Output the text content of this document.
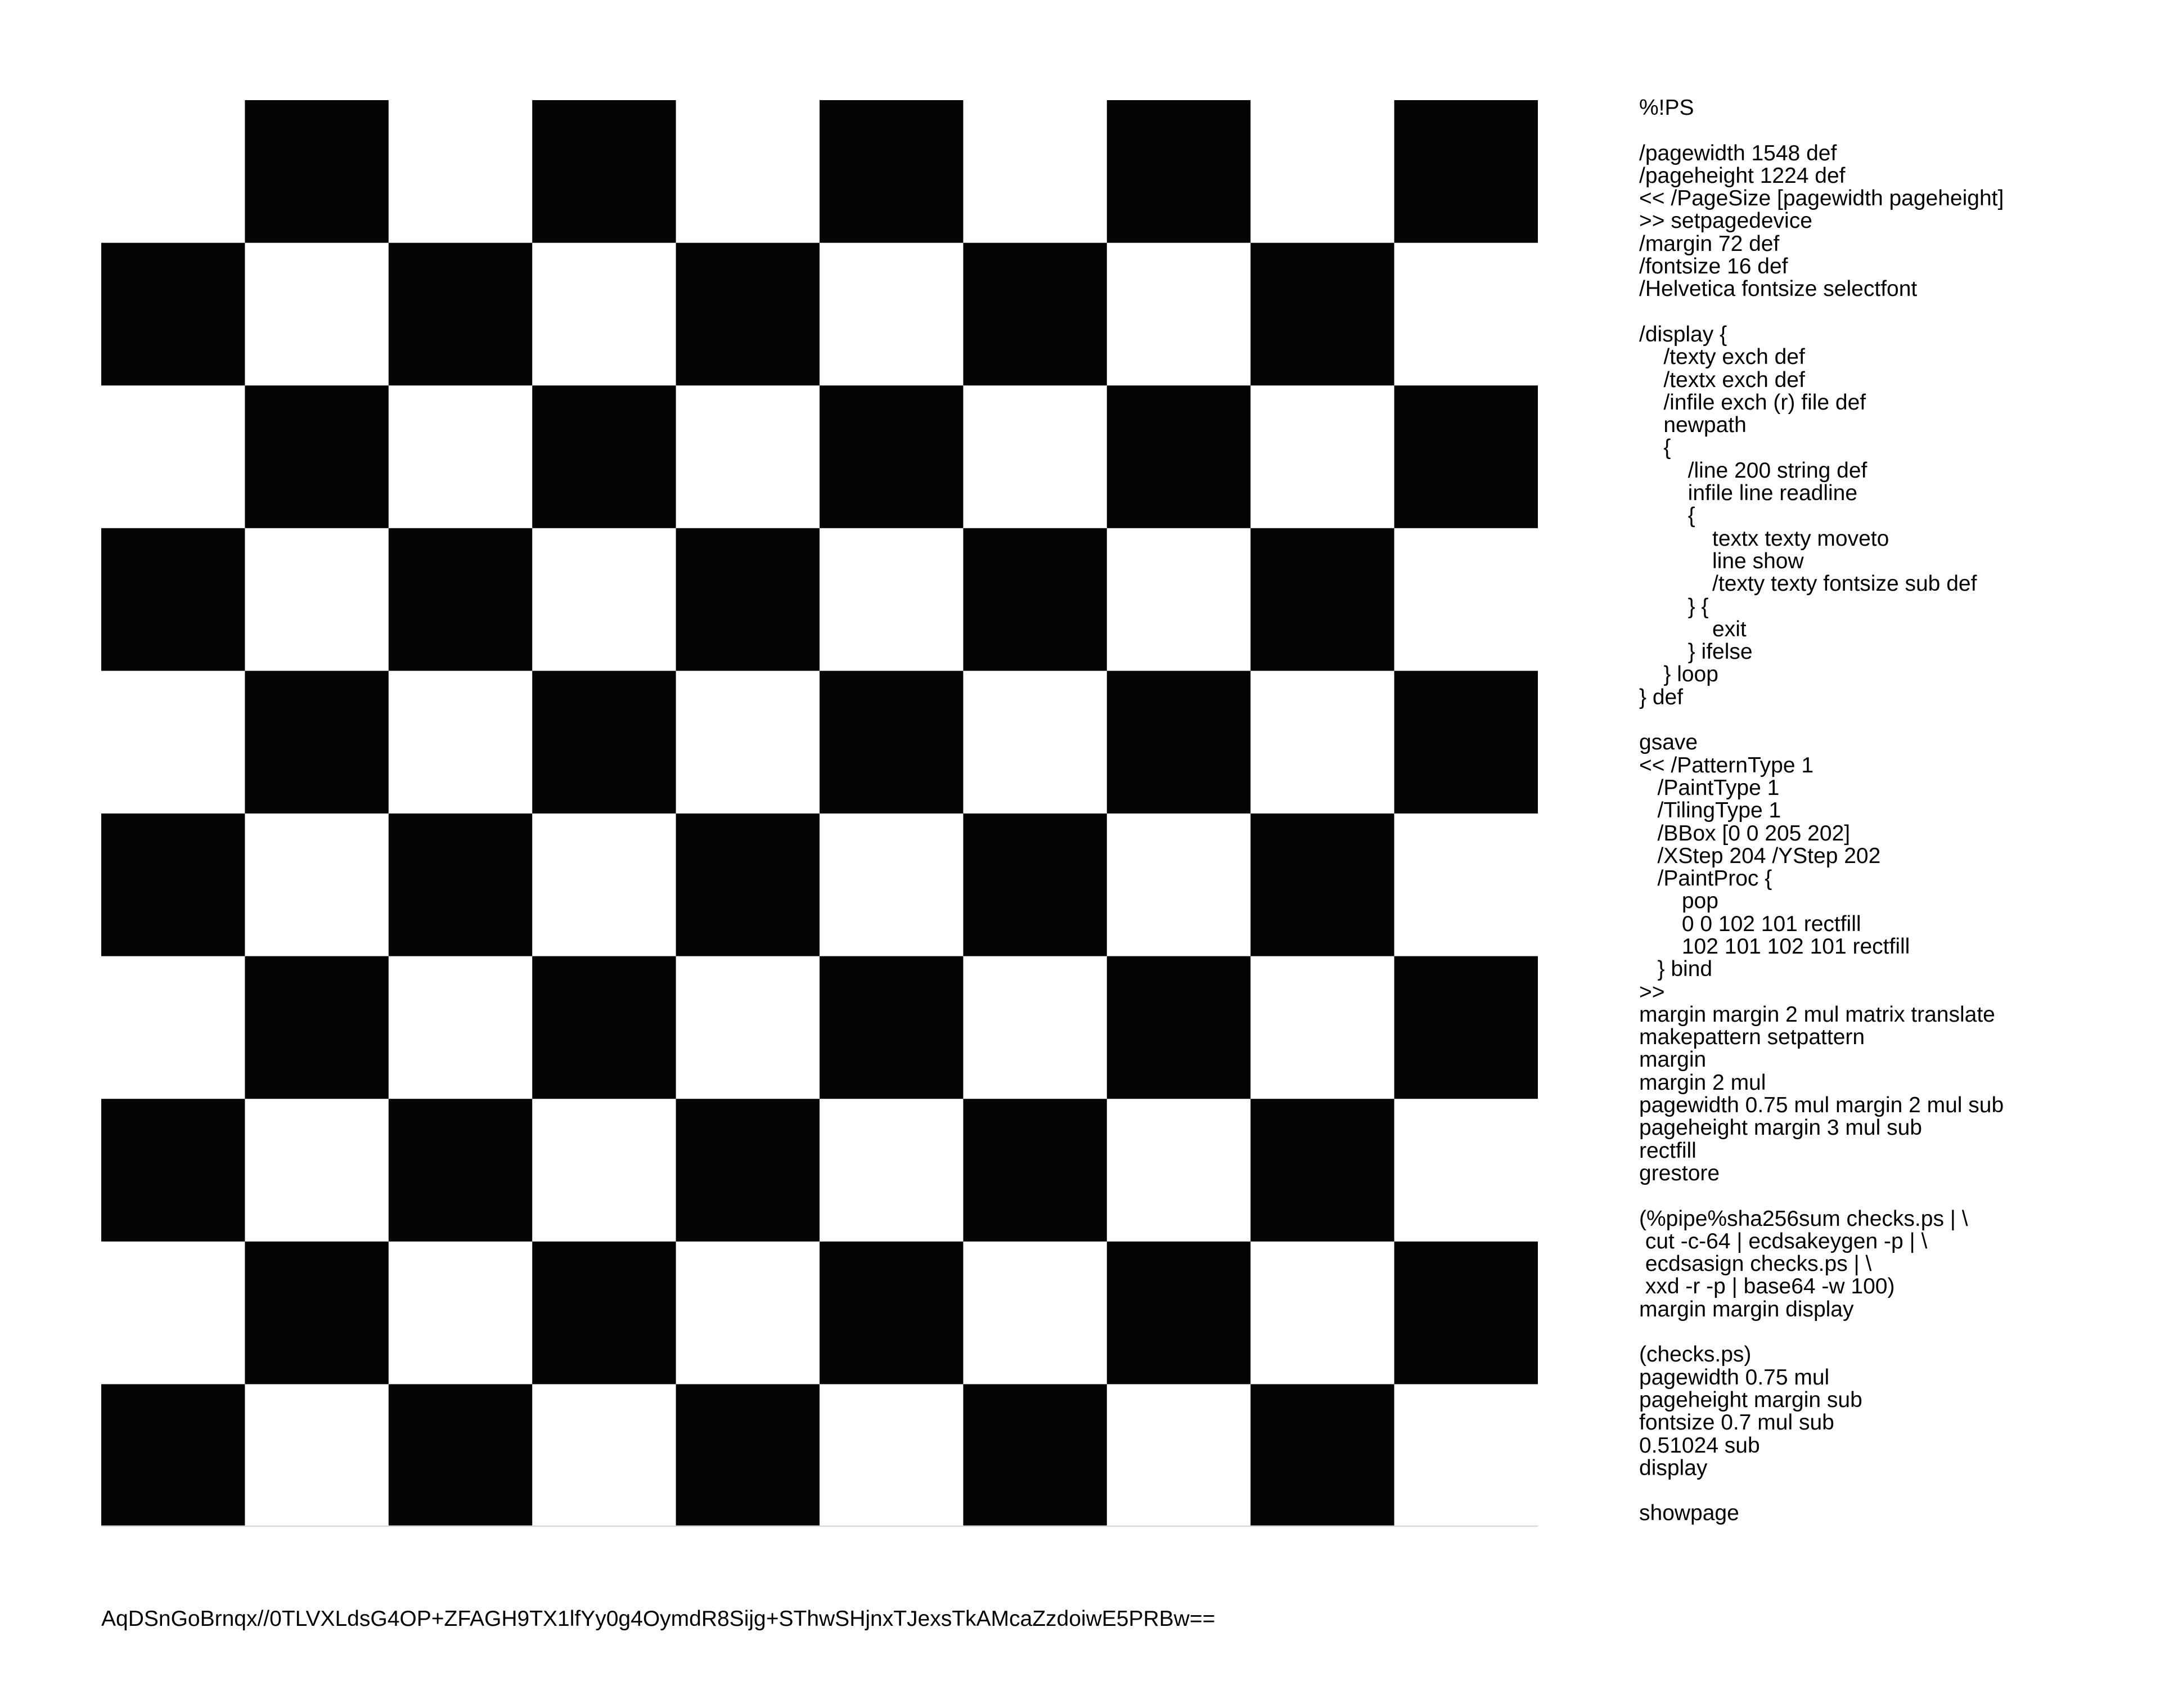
%!PS

/pagewidth 1548 def
/pageheight 1224 def
<< /PageSize [pagewidth pageheight]
>> setpagedevice
/margin 72 def
/fontsize 16 def
/Helvetica fontsize selectfont

/display {
/texty exch def
/textx exch def
/infile exch (r) file def
newpath
{
/line 200 string def
infile line readline
{
textx texty moveto
line show
/texty texty fontsize sub def
} {
exit
} ifelse
} loop
} def

gsave
<< /PatternType 1
/PaintType 1
/TilingType 1
/BBox [0 0 205 202]
/XStep 204 /YStep 202
/PaintProc {
pop
0 0 102 101 rectfill
102 101 102 101 rectfill
} bind
>>
margin margin 2 mul matrix translate
makepattern setpattern
margin
margin 2 mul
pagewidth 0.75 mul margin 2 mul sub
pageheight margin 3 mul sub
rectfill
grestore

(%pipe%sha256sum checks.ps | \
cut -c-64 | ecdsakeygen -p | \
ecdsasign checks.ps | \
xxd -r -p | base64 -w 100)
margin margin display

(checks.ps)
pagewidth 0.75 mul
pageheight margin sub
fontsize 0.7 mul sub
0.51024 sub
display

showpage
AqDSnGoBrnqx//0TLVXLdsG4OP+ZFAGH9TX1lfYy0g4OymdR8Sijg+SThwSHjnxTJexsTkAMcaZzdoiwE5PRBw==
